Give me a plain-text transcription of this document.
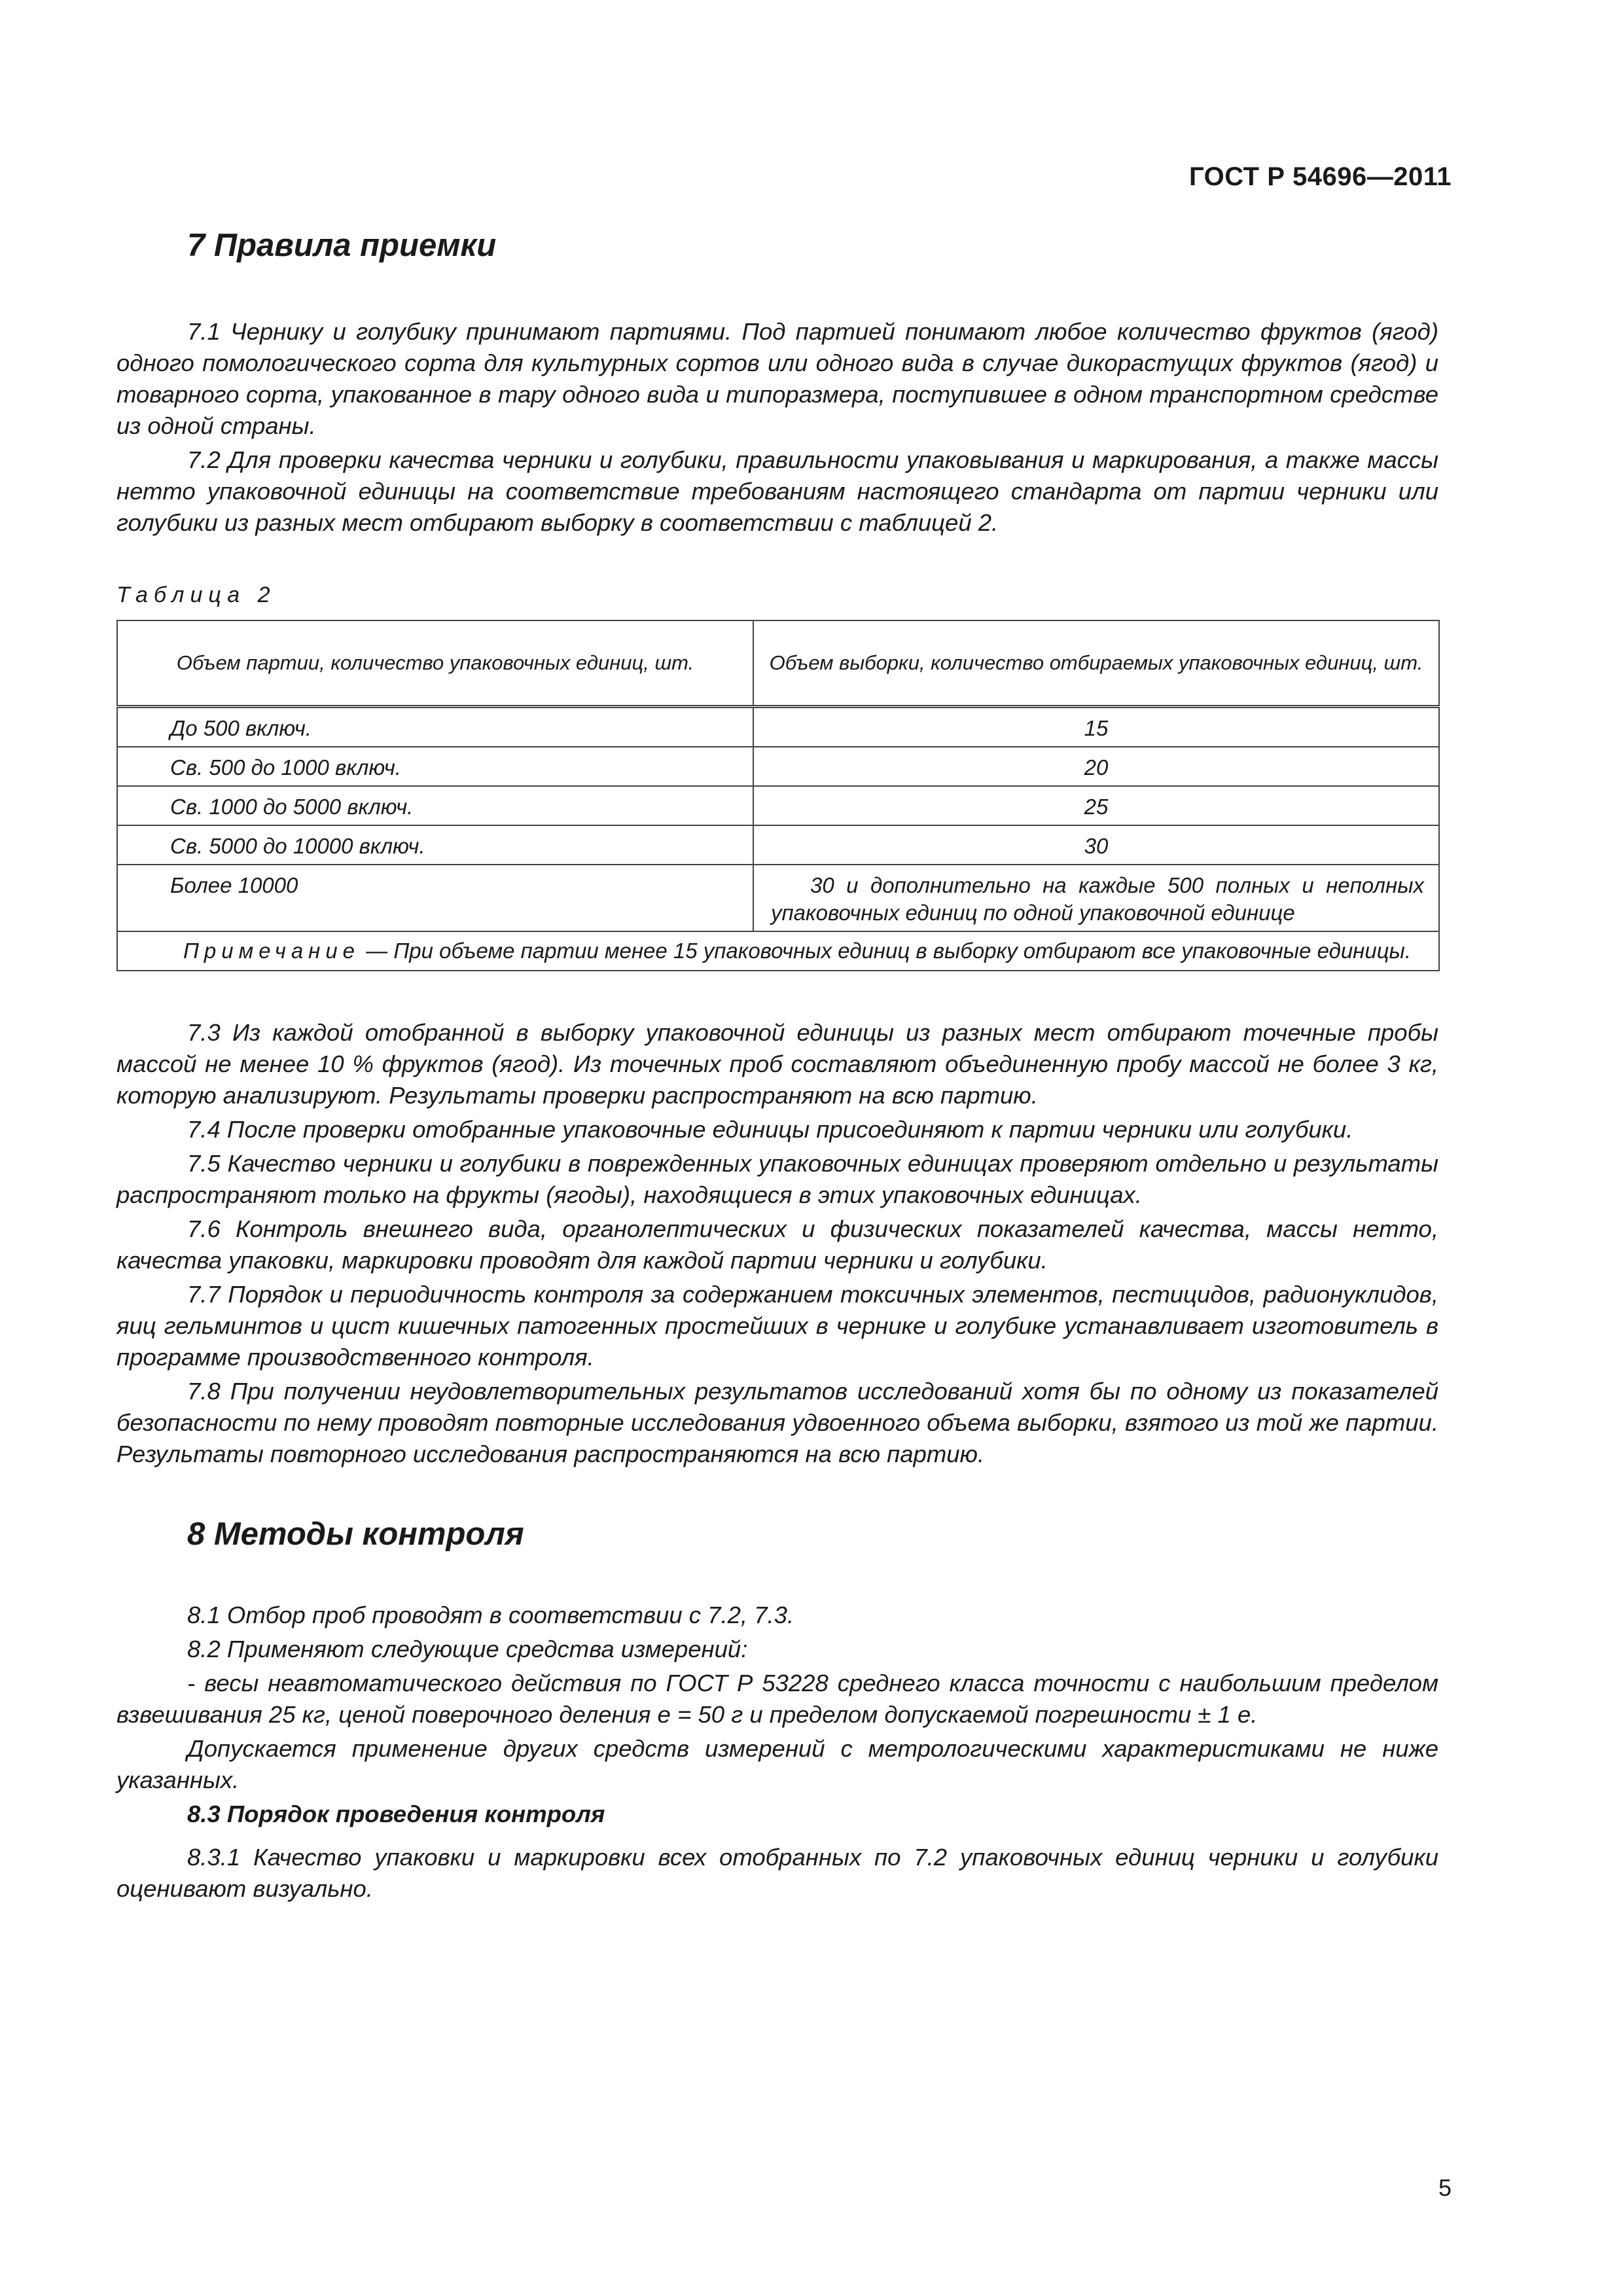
ГОСТ Р 54696—2011
7 Правила приемки

7.1 Чернику и голубику принимают партиями. Под партией понимают любое количество фруктов (ягод) одного помологического сорта для культурных сортов или одного вида в случае дикорастущих фруктов (ягод) и товарного сорта, упакованное в тару одного вида и типоразмера, поступившее в одном транспортном средстве из одной страны.

7.2 Для проверки качества черники и голубики, правильности упаковывания и маркирования, а также массы нетто упаковочной единицы на соответствие требованиям настоящего стандарта от партии черники или голубики из разных мест отбирают выборку в соответствии с таблицей 2.

Таблица 2
Объем партии, количество упаковочных единиц, шт.	Объем выборки, количество отбираемых упаковочных единиц, шт.
До 500 включ.	15
Св. 500 до 1000 включ.	20
Св. 1000 до 5000 включ.	25
Св. 5000 до 10000 включ.	30
Более 10000	30 и дополнительно на каждые 500 полных и неполных упаковочных единиц по одной упаковочной единице
Примечание — При объеме партии менее 15 упаковочных единиц в выборку отбирают все упаковочные единицы.	

7.3 Из каждой отобранной в выборку упаковочной единицы из разных мест отбирают точечные пробы массой не менее 10 % фруктов (ягод). Из точечных проб составляют объединенную пробу массой не более 3 кг, которую анализируют. Результаты проверки распространяют на всю партию.

7.4 После проверки отобранные упаковочные единицы присоединяют к партии черники или голубики.

7.5 Качество черники и голубики в поврежденных упаковочных единицах проверяют отдельно и результаты распространяют только на фрукты (ягоды), находящиеся в этих упаковочных единицах.

7.6 Контроль внешнего вида, органолептических и физических показателей качества, массы нетто, качества упаковки, маркировки проводят для каждой партии черники и голубики.

7.7 Порядок и периодичность контроля за содержанием токсичных элементов, пестицидов, радионуклидов, яиц гельминтов и цист кишечных патогенных простейших в чернике и голубике устанавливает изготовитель в программе производственного контроля.

7.8 При получении неудовлетворительных результатов исследований хотя бы по одному из показателей безопасности по нему проводят повторные исследования удвоенного объема выборки, взятого из той же партии. Результаты повторного исследования распространяются на всю партию.

8 Методы контроля

8.1 Отбор проб проводят в соответствии с 7.2, 7.3.

8.2 Применяют следующие средства измерений:

- весы неавтоматического действия по ГОСТ Р 53228 среднего класса точности с наибольшим пределом взвешивания 25 кг, ценой поверочного деления е = 50 г и пределом допускаемой погрешности ± 1 е.

Допускается применение других средств измерений с метрологическими характеристиками не ниже указанных.

8.3 Порядок проведения контроля

8.3.1 Качество упаковки и маркировки всех отобранных по 7.2 упаковочных единиц черники и голубики оценивают визуально.

5
